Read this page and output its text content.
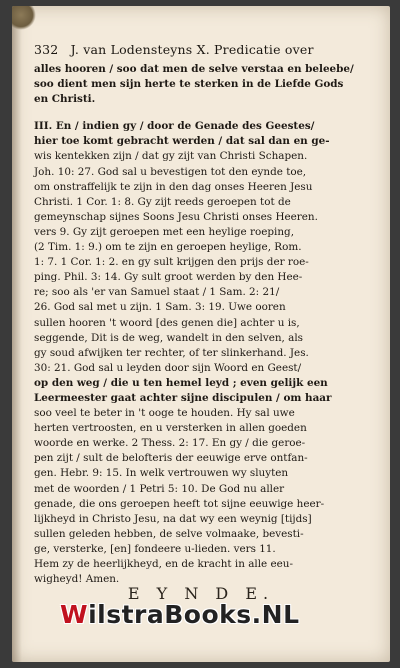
332 J. van Lodensteyns X. Predicatie over
alles hooren / soo dat men de selve verstaa en beleebe/
soo dient men sijn herte te sterken in de Liefde Gods
en Christi.
III. En / indien gy / door de Genade des Geestes/
hier toe komt gebracht werden / dat sal dan en ge-
wis kentekken zijn / dat gy zijt van Christi Schapen.
Joh. 10: 27. God sal u bevestigen tot den eynde toe,
om onstraffelijk te zijn in den dag onses Heeren Jesu
Christi. 1 Cor. 1: 8. Gy zijt reeds geroepen tot de
gemeynschap sijnes Soons Jesu Christi onses Heeren.
vers 9. Gy zijt geroepen met een heylige roeping,
(2 Tim. 1: 9.) om te zijn en geroepen heylige, Rom.
1: 7. 1 Cor. 1: 2. en gy sult krijgen den prijs der roe-
ping. Phil. 3: 14. Gy sult groot werden by den Hee-
re; soo als 'er van Samuel staat / 1 Sam. 2: 21/
26. God sal met u zijn. 1 Sam. 3: 19. Uwe ooren
sullen hooren 't woord [des genen die] achter u is,
seggende, Dit is de weg, wandelt in den selven, als
gy soud afwijken ter rechter, of ter slinkerhand. Jes.
30: 21. God sal u leyden door sijn Woord en Geest/
op den weg / die u ten hemel leyd ; even gelijk een
Leermeester gaat achter sijne discipulen / om haar
soo veel te beter in 't ooge te houden. Hy sal uwe
herten vertroosten, en u versterken in allen goeden
woorde en werke. 2 Thess. 2: 17. En gy / die geroe-
pen zijt / sult de belofteris der eeuwige erve ontfan-
gen. Hebr. 9: 15. In welk vertrouwen wy sluyten
met de woorden / 1 Petri 5: 10. De God nu aller
genade, die ons geroepen heeft tot sijne eeuwige heer-
lijkheyd in Christo Jesu, na dat wy een weynig [tijds]
sullen geleden hebben, de selve volmaake, bevesti-
ge, versterke, [en] fondeere u-lieden. vers 11.
Hem zy de heerlijkheyd, en de kracht in alle eeu-
wigheyd! Amen.
E Y N D E.
WilstraBooks.NL
